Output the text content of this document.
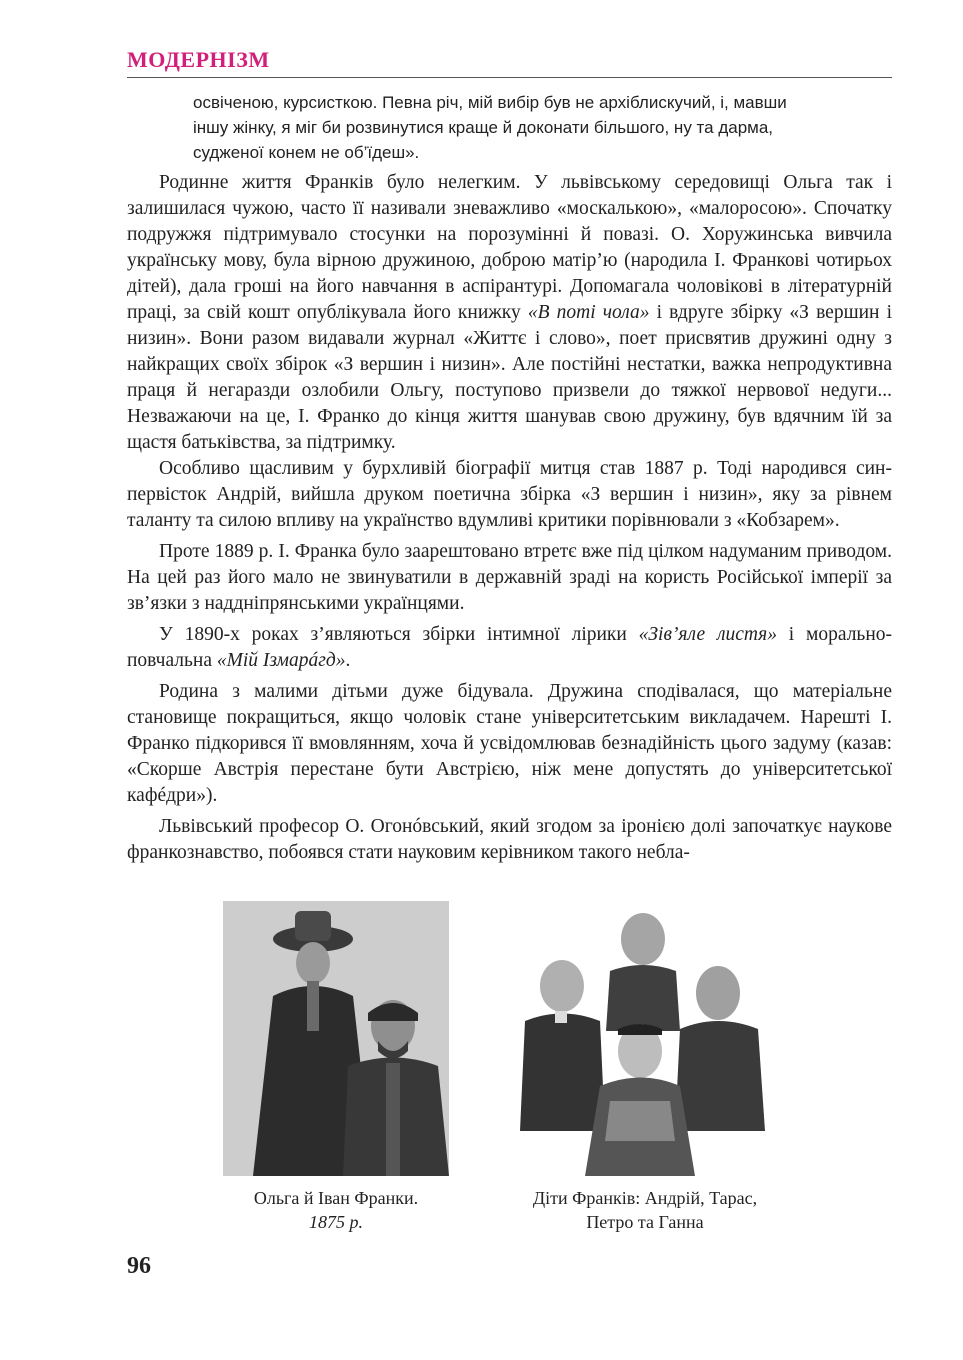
МОДЕРНІЗМ
освіченою, курсисткою. Певна річ, мій вибір був не архіблискучий, і, мавши
іншу жінку, я міг би розвинутися краще й доконати більшого, ну та дарма,
судженої конем не об’їдеш».

Родинне життя Франків було нелегким. У львівському середовищі Ольга так і залишилася чужою, часто її називали зневажливо «москалькою», «малоросою». Спочатку подружжя підтримувало стосунки на порозумінні й повазі. О. Хоружинська вивчила українську мову, була вірною дружиною, доброю матір’ю (народила І. Франкові чотирьох дітей), дала гроші на його навчання в аспірантурі. Допомагала чоловікові в літературній праці, за свій кошт опублікувала його книжку «В поті чола» і вдруге збірку «З вершин і низин». Вони разом видавали журнал «Життє і слово», поет присвятив дружині одну з найкращих своїх збірок «З вершин і низин». Але постійні нестатки, важка непродуктивна праця й негаразди озлобили Ольгу, поступово призвели до тяжкої нервової недуги... Незважаючи на це, І. Франко до кінця життя шанував свою дружину, був вдячним їй за щастя батьківства, за підтримку.

Особливо щасливим у бурхливій біографії митця став 1887 р. Тоді народився син-первісток Андрій, вийшла друком поетична збірка «З вершин і низин», яку за рівнем таланту та силою впливу на українство вдумливі критики порівнювали з «Кобзарем».

Проте 1889 р. І. Франка було заарештовано втретє вже під цілком надуманим приводом. На цей раз його мало не звинуватили в державній зраді на користь Російської імперії за зв’язки з наддніпрянськими українцями.

У 1890-х роках з’являються збірки інтимної лірики «Зів’яле листя» і морально-повчальна «Мій Ізмарáгд».

Родина з малими дітьми дуже бідувала. Дружина сподівалася, що матеріальне становище покращиться, якщо чоловік стане університетським викладачем. Нарешті І. Франко підкорився її вмовлянням, хоча й усвідомлював безнадійність цього задуму (казав: «Скорше Австрія перестане бути Австрією, ніж мене допустять до університетської кафéдри»).

Львівський професор О. Огонóвський, який згодом за іронією долі започаткує наукове франкознавство, побоявся стати науковим керівником такого небла-

Ольга й Іван Франки.
1875 р.
Діти Франків: Андрій, Тарас,
Петро та Ганна
96
